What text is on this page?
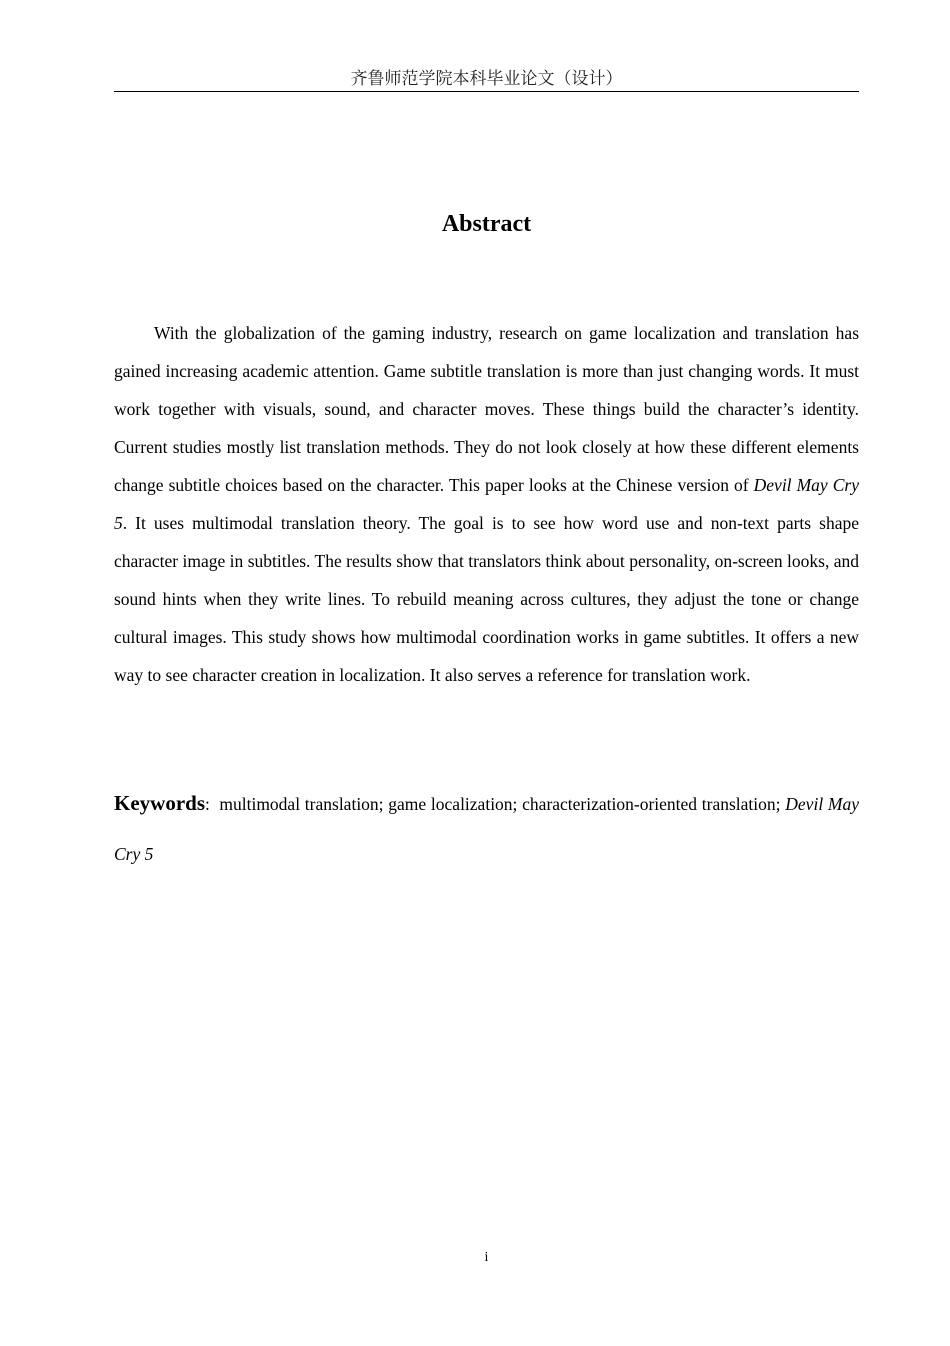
齐鲁师范学院本科毕业论文（设计）
Abstract

With the globalization of the gaming industry, research on game localization and translation has gained increasing academic attention. Game subtitle translation is more than just changing words. It must work together with visuals, sound, and character moves. These things build the character’s identity. Current studies mostly list translation methods. They do not look closely at how these different elements change subtitle choices based on the character. This paper looks at the Chinese version of Devil May Cry 5. It uses multimodal translation theory. The goal is to see how word use and non-text parts shape character image in subtitles. The results show that translators think about personality, on-screen looks, and sound hints when they write lines. To rebuild meaning across cultures, they adjust the tone or change cultural images. This study shows how multimodal coordination works in game subtitles. It offers a new way to see character creation in localization. It also serves a reference for translation work.

Keywords: multimodal translation; game localization; characterization-oriented translation; Devil May Cry 5

i
